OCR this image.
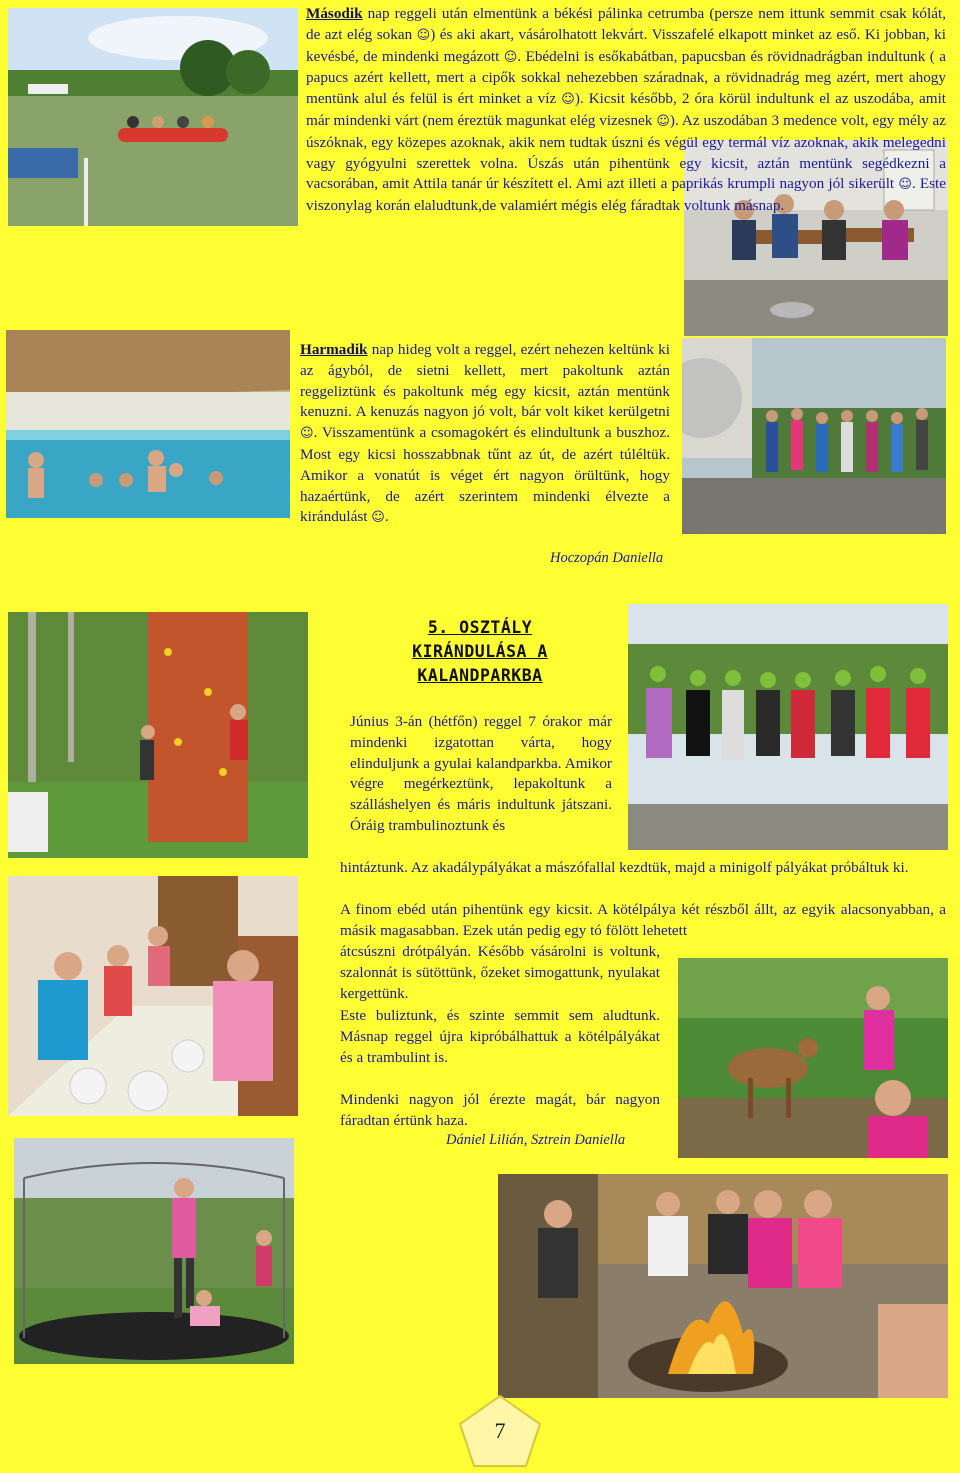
Második nap reggeli után elmentünk a békési pálinka cetrumba (persze nem ittunk semmit csak kólát, de azt elég sokan ☺) és aki akart, vásárolhatott lekvárt. Visszafelé elkapott minket az eső. Ki jobban, ki kevésbé, de mindenki megázott ☺. Ebédelni is esőkabátban, papucsban és rövidnadrágban indultunk ( a papucs azért kellett, mert a cipők sokkal nehezebben száradnak, a rövidnadrág meg azért, mert ahogy mentünk alul és felül is ért minket a víz ☺). Kicsit később, 2 óra körül indultunk el az uszodába, amit már mindenki várt (nem éreztük magunkat elég vizesnek ☺). Az uszodában 3 medence volt, egy mély az úszóknak, egy közepes azoknak, akik nem tudtak úszni és végül egy termál víz azoknak, akik melegedni vagy gyógyulni szerettek volna. Úszás után pihentünk egy kicsit, aztán mentünk segédkezni a vacsorában, amit Attila tanár úr készített el. Ami azt illeti a paprikás krumpli nagyon jól sikerült ☺. Este viszonylag korán elaludtunk,de valamiért mégis elég fáradtak voltunk másnap.

Harmadik nap hideg volt a reggel, ezért nehezen keltünk ki az ágyból, de sietni kellett, mert pakoltunk aztán reggeliztünk és pakoltunk még egy kicsit, aztán mentünk kenuzni. A kenuzás nagyon jó volt, bár volt kiket kerülgetni ☺. Visszamentünk a csomagokért és elindultunk a buszhoz. Most egy kicsi hosszabbnak tűnt az út, de azért túléltük. Amikor a vonatút is véget ért nagyon örültünk, hogy hazaértünk, de azért szerintem mindenki élvezte a kirándulást ☺.

Hoczopán Daniella
5. OSZTÁLY
KIRÁNDULÁSA A
KALANDPARKBA

Június 3-án (hétfőn) reggel 7 órakor már mindenki izgatottan várta, hogy elinduljunk a gyulai kalandparkba. Amikor végre megérkeztünk, lepakoltunk a szálláshelyen és máris indultunk játszani. Óráig trambulinoztunk és

hintáztunk. Az akadálypályákat a mászófallal kezdtük, majd a minigolf pályákat próbáltuk ki.

A finom ebéd után pihentünk egy kicsit. A kötélpálya két részből állt, az egyik alacsonyabban, a másik magasabban. Ezek után pedig egy tó fölött lehetett

átcsúszni drótpályán. Később vásárolni is voltunk, szalonnát is sütöttünk, őzeket simogattunk, nyulakat kergettünk.

Este buliztunk, és szinte semmit sem aludtunk. Másnap reggel újra kipróbálhattuk a kötélpályákat és a trambulint is.

Mindenki nagyon jól érezte magát, bár nagyon fáradtan értünk haza.

Dániel Lilián, Sztrein Daniella
7
